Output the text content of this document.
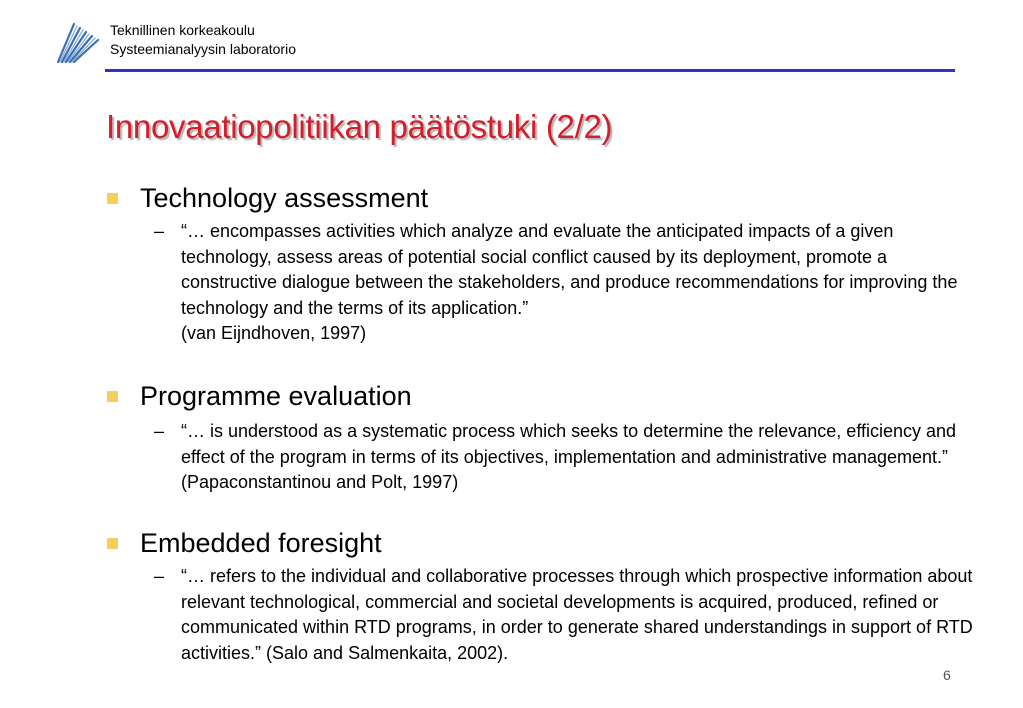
Teknillinen korkeakoulu
Systeemianalyysin laboratorio
Innovaatiopolitiikan päätöstuki (2/2)
Technology assessment
– “… encompasses activities which analyze and evaluate the anticipated impacts of a given technology, assess areas of potential social conflict caused by its deployment, promote a constructive dialogue between the stakeholders, and produce recommendations for improving the technology and the terms of its application.”
(van Eijndhoven, 1997)
Programme evaluation
– “… is understood as a systematic process which seeks to determine the relevance, efficiency and effect of the program in terms of its objectives, implementation and administrative management.” (Papaconstantinou and Polt, 1997)
Embedded foresight
– “… refers to the individual and collaborative processes through which prospective information about relevant technological, commercial and societal developments is acquired, produced, refined or communicated within RTD programs, in order to generate shared understandings in support of RTD activities.” (Salo and Salmenkaita, 2002).
6
